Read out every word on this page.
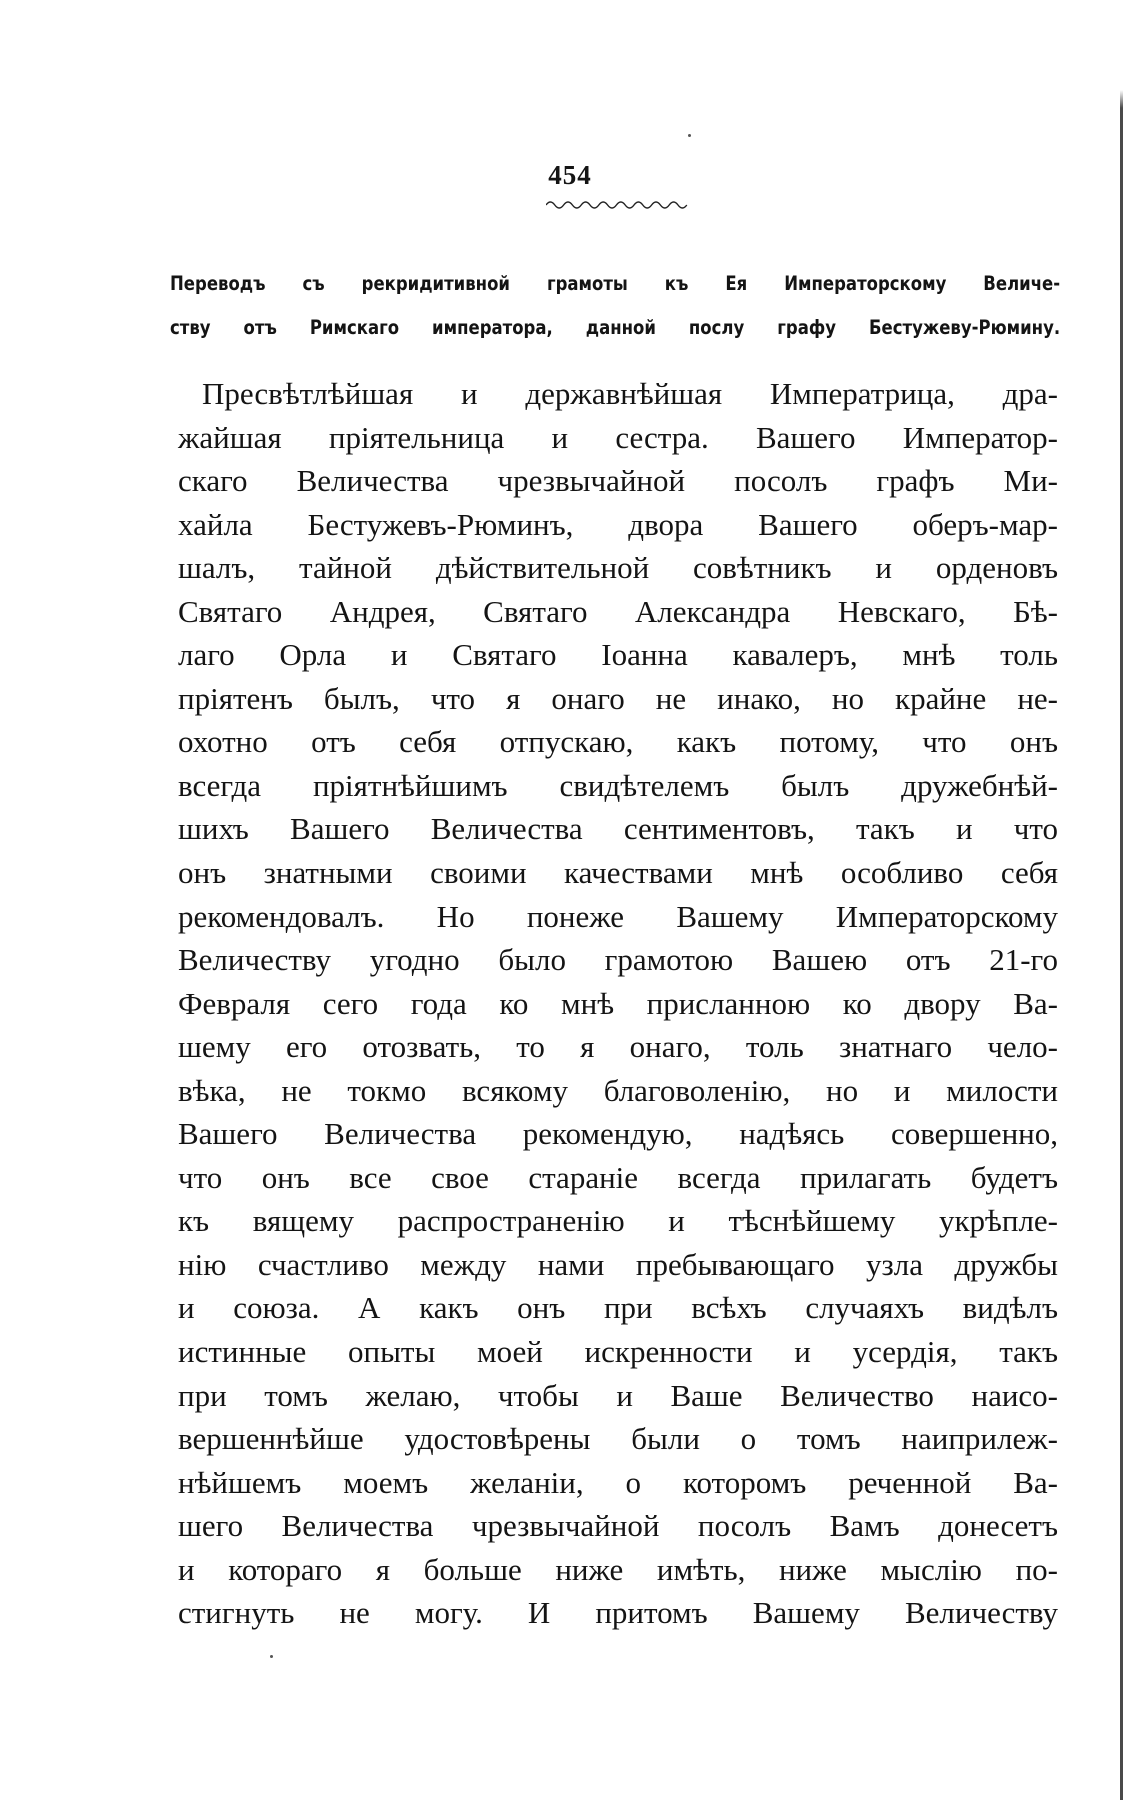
454
Переводъ съ рекридитивной грамоты къ Ея Императорскому Величе-
ству отъ Римскаго императора, данной послу графу Бестужеву-Рюмину.
Пресвѣтлѣйшая и державнѣйшая Императрица, дра-
жайшая пріятельница и сестра. Вашего Император-
скаго Величества чрезвычайной посолъ графъ Ми-
хайла Бестужевъ-Рюминъ, двора Вашего оберъ-мар-
шалъ, тайной дѣйствительной совѣтникъ и орденовъ
Святаго Андрея, Святаго Александра Невскаго, Бѣ-
лаго Орла и Святаго Іоанна кавалеръ, мнѣ толь
пріятенъ былъ, что я онаго не инако, но крайне не-
охотно отъ себя отпускаю, какъ потому, что онъ
всегда пріятнѣйшимъ свидѣтелемъ былъ дружебнѣй-
шихъ Вашего Величества сентиментовъ, такъ и что
онъ знатными своими качествами мнѣ особливо себя
рекомендовалъ. Но понеже Вашему Императорскому
Величеству угодно было грамотою Вашею отъ 21-го
Февраля сего года ко мнѣ присланною ко двору Ва-
шему его отозвать, то я онаго, толь знатнаго чело-
вѣка, не токмо всякому благоволенію, но и милости
Вашего Величества рекомендую, надѣясь совершенно,
что онъ все свое стараніе всегда прилагать будетъ
къ вящему распространенію и тѣснѣйшему укрѣпле-
нію счастливо между нами пребывающаго узла дружбы
и союза. А какъ онъ при всѣхъ случаяхъ видѣлъ
истинные опыты моей искренности и усердія, такъ
при томъ желаю, чтобы и Ваше Величество наисо-
вершеннѣйше удостовѣрены были о томъ наиприлеж-
нѣйшемъ моемъ желаніи, о которомъ реченной Ва-
шего Величества чрезвычайной посолъ Вамъ донесетъ
и котораго я больше ниже имѣть, ниже мыслію по-
стигнуть не могу. И притомъ Вашему Величеству
